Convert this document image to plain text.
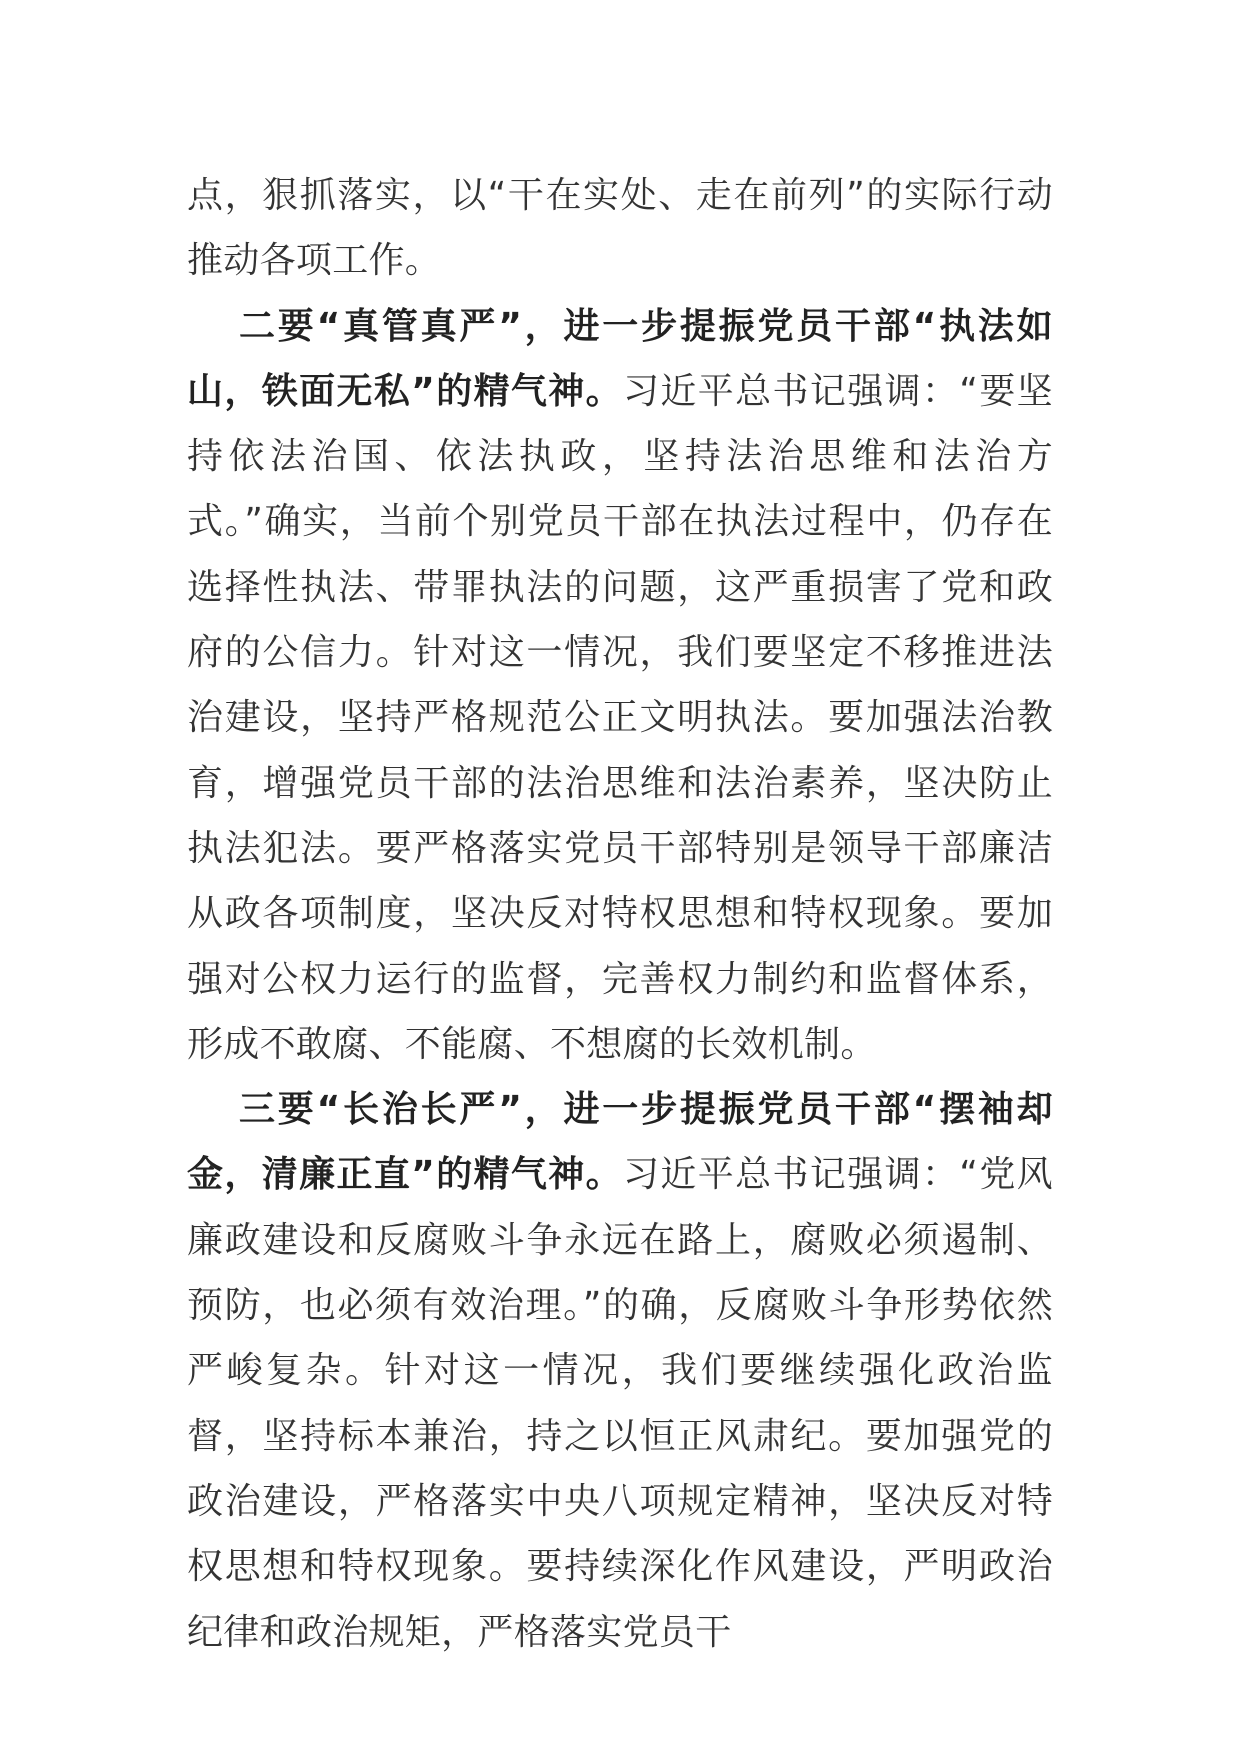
点，狠抓落实，以“干在实处、走在前列”的实际行动推动各项工作。

二要“真管真严”，进一步提振党员干部“执法如山，铁面无私”的精气神。习近平总书记强调：“要坚持依法治国、依法执政，坚持法治思维和法治方式。”确实，当前个别党员干部在执法过程中，仍存在选择性执法、带罪执法的问题，这严重损害了党和政府的公信力。针对这一情况，我们要坚定不移推进法治建设，坚持严格规范公正文明执法。要加强法治教育，增强党员干部的法治思维和法治素养，坚决防止执法犯法。要严格落实党员干部特别是领导干部廉洁从政各项制度，坚决反对特权思想和特权现象。要加强对公权力运行的监督，完善权力制约和监督体系，形成不敢腐、不能腐、不想腐的长效机制。

三要“长治长严”，进一步提振党员干部“摆袖却金，清廉正直”的精气神。习近平总书记强调：“党风廉政建设和反腐败斗争永远在路上，腐败必须遏制、预防，也必须有效治理。”的确，反腐败斗争形势依然严峻复杂。针对这一情况，我们要继续强化政治监督，坚持标本兼治，持之以恒正风肃纪。要加强党的政治建设，严格落实中央八项规定精神，坚决反对特权思想和特权现象。要持续深化作风建设，严明政治纪律和政治规矩，严格落实党员干
